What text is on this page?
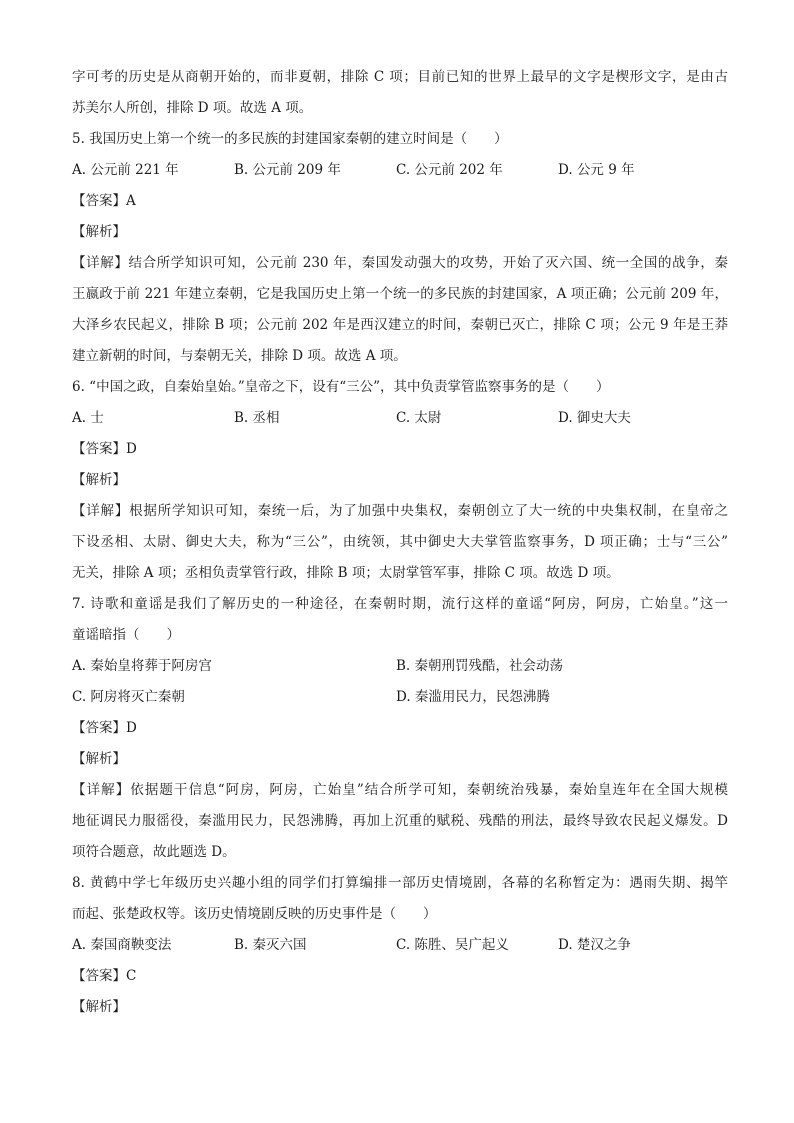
字可考的历史是从商朝开始的，而非夏朝，排除 C 项；目前已知的世界上最早的文字是楔形文字，是由古
苏美尔人所创，排除 D 项。故选 A 项。
5. 我国历史上第一个统一的多民族的封建国家秦朝的建立时间是（　　）
A. 公元前 221 年	B. 公元前 209 年	C. 公元前 202 年	D. 公元 9 年
【答案】A
【解析】
【详解】结合所学知识可知，公元前 230 年，秦国发动强大的攻势，开始了灭六国、统一全国的战争，秦
王嬴政于前 221 年建立秦朝，它是我国历史上第一个统一的多民族的封建国家，A 项正确；公元前 209 年，
大泽乡农民起义，排除 B 项；公元前 202 年是西汉建立的时间，秦朝已灭亡，排除 C 项；公元 9 年是王莽
建立新朝的时间，与秦朝无关，排除 D 项。故选 A 项。
6. “中国之政，自秦始皇始。”皇帝之下，设有“三公”，其中负责掌管监察事务的是（　　）
A. 士	B. 丞相	C. 太尉	D. 御史大夫
【答案】D
【解析】
【详解】根据所学知识可知，秦统一后，为了加强中央集权，秦朝创立了大一统的中央集权制，在皇帝之
下设丞相、太尉、御史大夫，称为“三公”，由统领，其中御史大夫掌管监察事务，D 项正确；士与“三公”
无关，排除 A 项；丞相负责掌管行政，排除 B 项；太尉掌管军事，排除 C 项。故选 D 项。
7. 诗歌和童谣是我们了解历史的一种途径，在秦朝时期，流行这样的童谣“阿房，阿房，亡始皇。”这一
童谣暗指（　　）
A. 秦始皇将葬于阿房宫	B. 秦朝刑罚残酷，社会动荡
C. 阿房将灭亡秦朝	D. 秦滥用民力，民怨沸腾
【答案】D
【解析】
【详解】依据题干信息“阿房，阿房，亡始皇”结合所学可知，秦朝统治残暴，秦始皇连年在全国大规模
地征调民力服徭役，秦滥用民力，民怨沸腾，再加上沉重的赋税、残酷的刑法，最终导致农民起义爆发。D
项符合题意，故此题选 D。
8. 黄鹤中学七年级历史兴趣小组的同学们打算编排一部历史情境剧，各幕的名称暂定为：遇雨失期、揭竿
而起、张楚政权等。该历史情境剧反映的历史事件是（　　）
A. 秦国商鞅变法	B. 秦灭六国	C. 陈胜、吴广起义	D. 楚汉之争
【答案】C
【解析】
